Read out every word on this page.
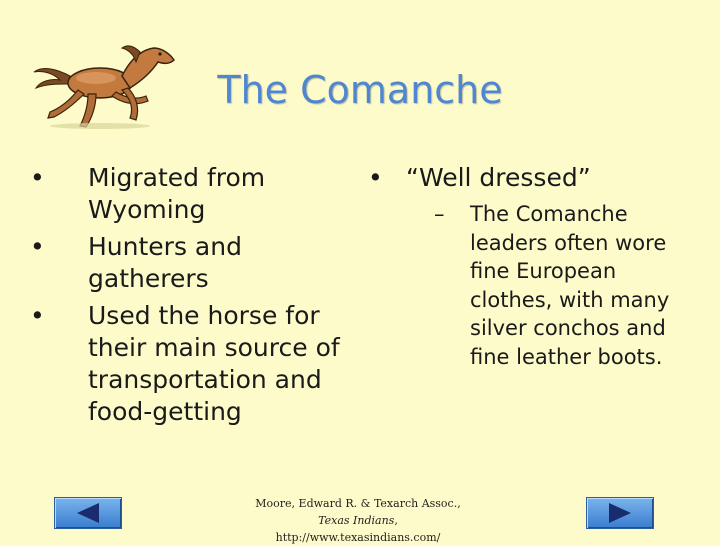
The Comanche
• Migrated from Wyoming
• Hunters and gatherers
• Used the horse for their main source of transportation and food-getting
• “Well dressed”
– The Comanche leaders often wore fine European clothes, with many silver conchos and fine leather boots.
Moore, Edward R. & Texarch Assoc., Texas Indians, http://www.texasindians.com/
